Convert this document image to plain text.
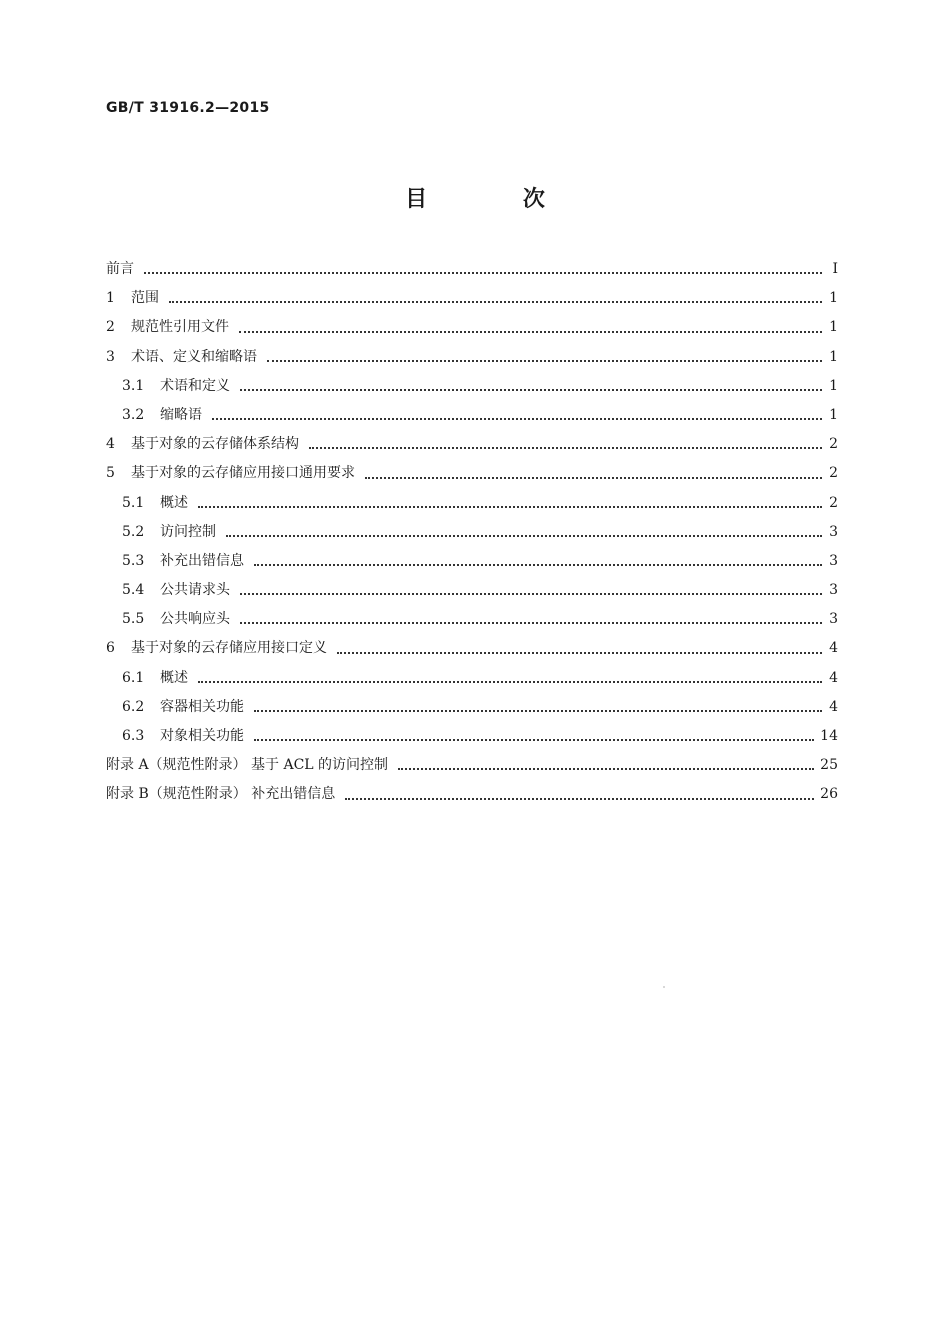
GB/T 31916.2—2015
目 次
前言	Ⅰ
1	范围	1
2	规范性引用文件	1
3	术语、定义和缩略语	1
3.1	术语和定义	1
3.2	缩略语	1
4	基于对象的云存储体系结构	2
5	基于对象的云存储应用接口通用要求	2
5.1	概述	2
5.2	访问控制	3
5.3	补充出错信息	3
5.4	公共请求头	3
5.5	公共响应头	3
6	基于对象的云存储应用接口定义	4
6.1	概述	4
6.2	容器相关功能	4
6.3	对象相关功能	14
附录 A（规范性附录） 基于 ACL 的访问控制	25
附录 B（规范性附录） 补充出错信息	26
